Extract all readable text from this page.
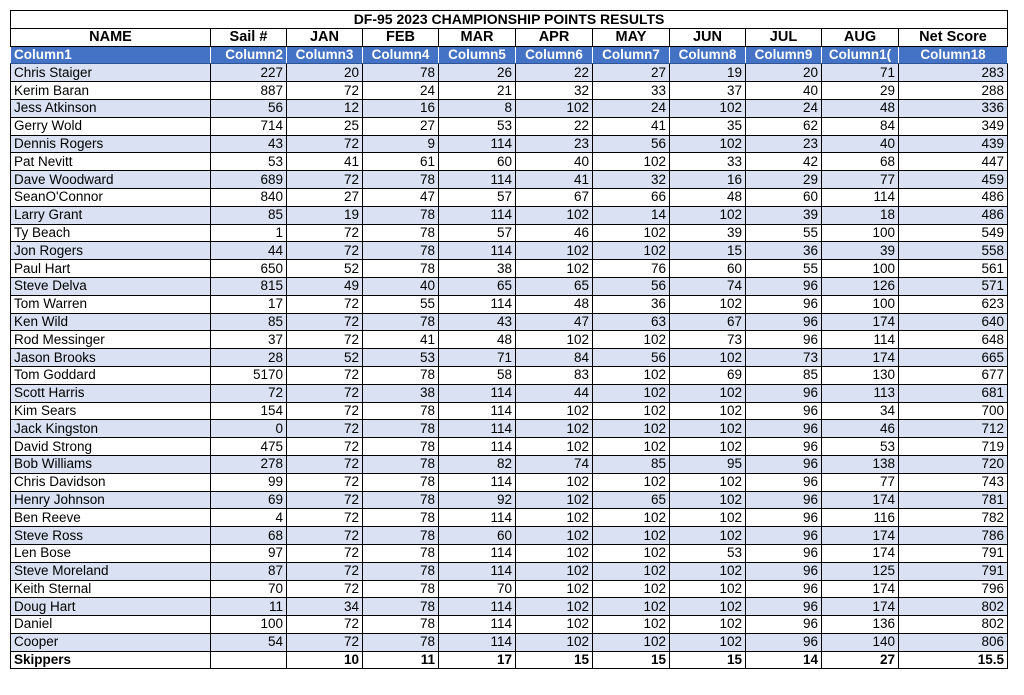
DF-95 2023 CHAMPIONSHIP POINTS RESULTS										
NAME	Sail #	JAN	FEB	MAR	APR	MAY	JUN	JUL	AUG	Net Score
Column1	Column2	Column3	Column4	Column5	Column6	Column7	Column8	Column9	Column1(	Column18
Chris Staiger	227	20	78	26	22	27	19	20	71	283
Kerim Baran	887	72	24	21	32	33	37	40	29	288
Jess Atkinson	56	12	16	8	102	24	102	24	48	336
Gerry Wold	714	25	27	53	22	41	35	62	84	349
Dennis Rogers	43	72	9	114	23	56	102	23	40	439
Pat Nevitt	53	41	61	60	40	102	33	42	68	447
Dave Woodward	689	72	78	114	41	32	16	29	77	459
SeanO'Connor	840	27	47	57	67	66	48	60	114	486
Larry Grant	85	19	78	114	102	14	102	39	18	486
Ty Beach	1	72	78	57	46	102	39	55	100	549
Jon Rogers	44	72	78	114	102	102	15	36	39	558
Paul Hart	650	52	78	38	102	76	60	55	100	561
Steve Delva	815	49	40	65	65	56	74	96	126	571
Tom Warren	17	72	55	114	48	36	102	96	100	623
Ken Wild	85	72	78	43	47	63	67	96	174	640
Rod Messinger	37	72	41	48	102	102	73	96	114	648
Jason Brooks	28	52	53	71	84	56	102	73	174	665
Tom Goddard	5170	72	78	58	83	102	69	85	130	677
Scott Harris	72	72	38	114	44	102	102	96	113	681
Kim Sears	154	72	78	114	102	102	102	96	34	700
Jack Kingston	0	72	78	114	102	102	102	96	46	712
David Strong	475	72	78	114	102	102	102	96	53	719
Bob Williams	278	72	78	82	74	85	95	96	138	720
Chris Davidson	99	72	78	114	102	102	102	96	77	743
Henry Johnson	69	72	78	92	102	65	102	96	174	781
Ben Reeve	4	72	78	114	102	102	102	96	116	782
Steve Ross	68	72	78	60	102	102	102	96	174	786
Len Bose	97	72	78	114	102	102	53	96	174	791
Steve Moreland	87	72	78	114	102	102	102	96	125	791
Keith Sternal	70	72	78	70	102	102	102	96	174	796
Doug Hart	11	34	78	114	102	102	102	96	174	802
Daniel	100	72	78	114	102	102	102	96	136	802
Cooper	54	72	78	114	102	102	102	96	140	806
Skippers		10	11	17	15	15	15	14	27	15.5
